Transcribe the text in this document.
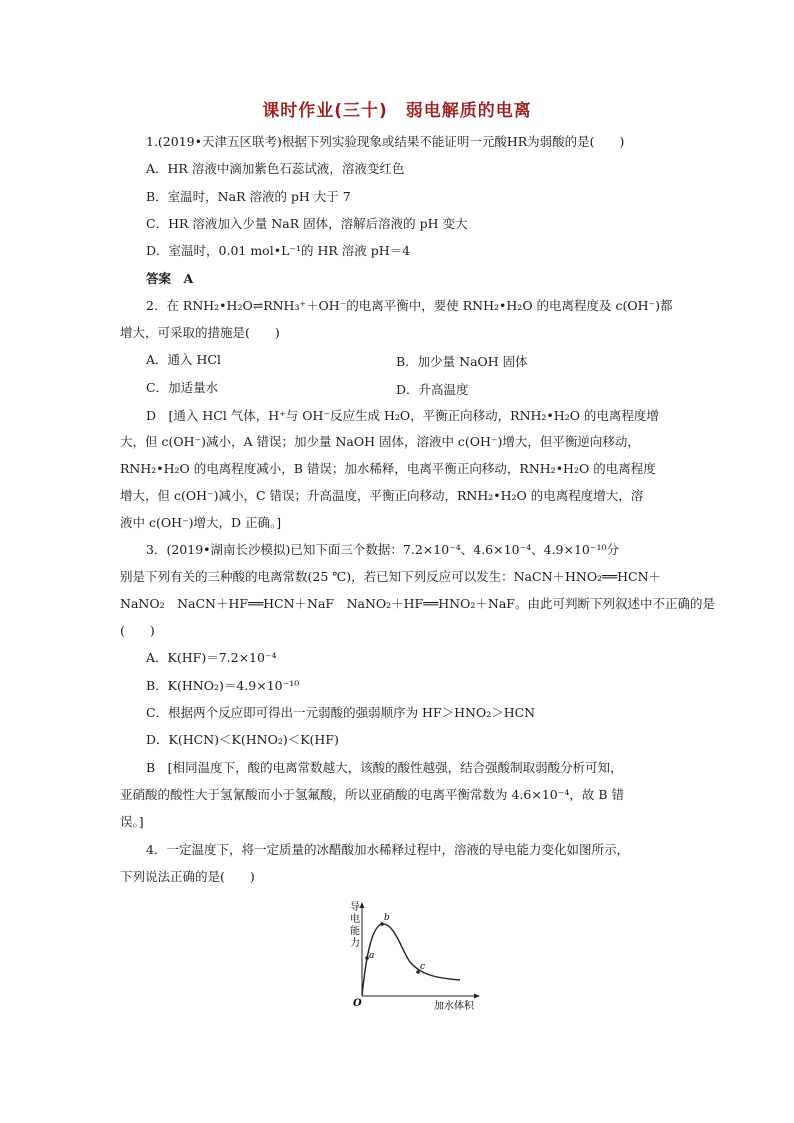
课时作业(三十)　弱电解质的电离
1.(2019•天津五区联考)根据下列实验现象或结果不能证明一元酸HR为弱酸的是(　　)
A．HR 溶液中滴加紫色石蕊试液，溶液变红色
B．室温时，NaR 溶液的 pH 大于 7
C．HR 溶液加入少量 NaR 固体，溶解后溶液的 pH 变大
D．室温时，0.01 mol•L⁻¹的 HR 溶液 pH＝4
答案　A
2．在 RNH₂•H₂O⇌RNH₃⁺＋OH⁻的电离平衡中，要使 RNH₂•H₂O 的电离程度及 c(OH⁻)都
增大，可采取的措施是(　　)
A．通入 HCl	B．加少量 NaOH 固体
C．加适量水	D．升高温度
D　[通入 HCl 气体，H⁺与 OH⁻反应生成 H₂O，平衡正向移动，RNH₂•H₂O 的电离程度增
大，但 c(OH⁻)减小，A 错误；加少量 NaOH 固体，溶液中 c(OH⁻)增大，但平衡逆向移动，
RNH₂•H₂O 的电离程度减小，B 错误；加水稀释，电离平衡正向移动，RNH₂•H₂O 的电离程度
增大，但 c(OH⁻)减小，C 错误；升高温度，平衡正向移动，RNH₂•H₂O 的电离程度增大，溶
液中 c(OH⁻)增大，D 正确。]
3．(2019•湖南长沙模拟)已知下面三个数据：7.2×10⁻⁴、4.6×10⁻⁴、4.9×10⁻¹⁰分
别是下列有关的三种酸的电离常数(25 ℃)，若已知下列反应可以发生：NaCN＋HNO₂══HCN＋
NaNO₂　NaCN＋HF══HCN＋NaF　NaNO₂＋HF══HNO₂＋NaF。由此可判断下列叙述中不正确的是
(　　)
A．K(HF)＝7.2×10⁻⁴
B．K(HNO₂)＝4.9×10⁻¹⁰
C．根据两个反应即可得出一元弱酸的强弱顺序为 HF＞HNO₂＞HCN
D．K(HCN)＜K(HNO₂)＜K(HF)
B　[相同温度下，酸的电离常数越大，该酸的酸性越强，结合强酸制取弱酸分析可知，
亚硝酸的酸性大于氢氰酸而小于氢氟酸，所以亚硝酸的电离平衡常数为 4.6×10⁻⁴，故 B 错
误。]
4．一定温度下，将一定质量的冰醋酸加水稀释过程中，溶液的导电能力变化如图所示，
下列说法正确的是(　　)
导
电
能
力
a
b
c
O	加水体积
